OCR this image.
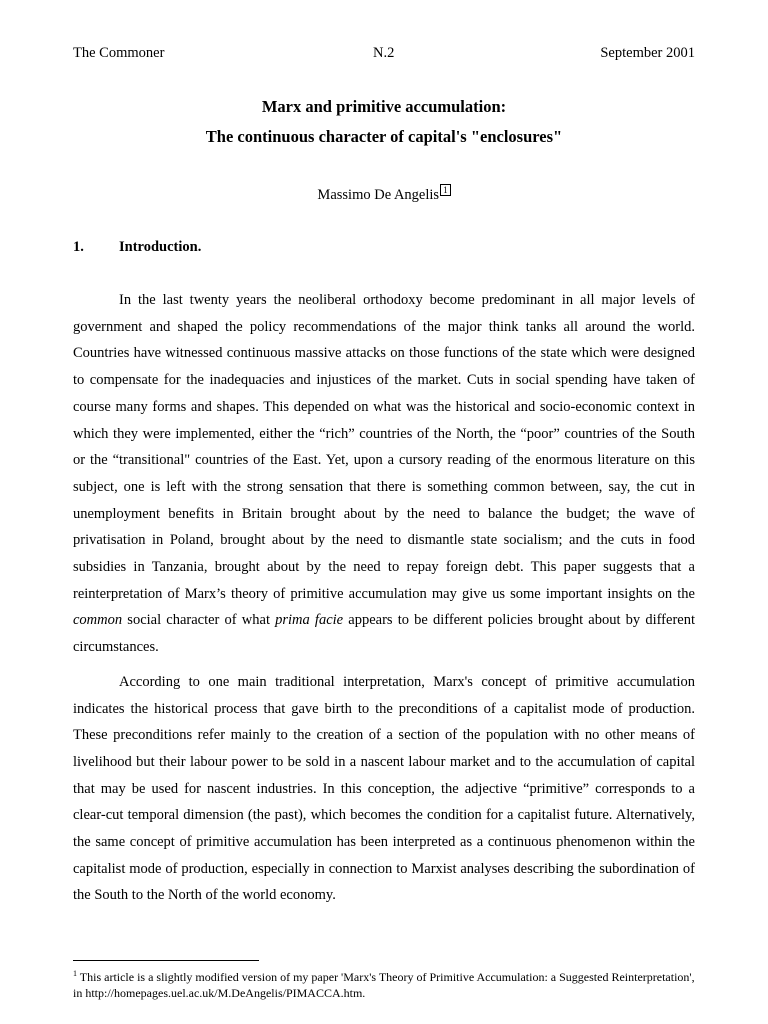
The Commoner	N.2	September 2001
Marx and primitive accumulation:
The continuous character of capital's "enclosures"
Massimo De Angelis 1
1. Introduction.

In the last twenty years the neoliberal orthodoxy become predominant in all major levels of government and shaped the policy recommendations of the major think tanks all around the world. Countries have witnessed continuous massive attacks on those functions of the state which were designed to compensate for the inadequacies and injustices of the market. Cuts in social spending have taken of course many forms and shapes. This depended on what was the historical and socio-economic context in which they were implemented, either the “rich” countries of the North, the “poor” countries of the South or the “transitional" countries of the East. Yet, upon a cursory reading of the enormous literature on this subject, one is left with the strong sensation that there is something common between, say, the cut in unemployment benefits in Britain brought about by the need to balance the budget; the wave of privatisation in Poland, brought about by the need to dismantle state socialism; and the cuts in food subsidies in Tanzania, brought about by the need to repay foreign debt. This paper suggests that a reinterpretation of Marx’s theory of primitive accumulation may give us some important insights on the common social character of what prima facie appears to be different policies brought about by different circumstances.

According to one main traditional interpretation, Marx's concept of primitive accumulation indicates the historical process that gave birth to the preconditions of a capitalist mode of production. These preconditions refer mainly to the creation of a section of the population with no other means of livelihood but their labour power to be sold in a nascent labour market and to the accumulation of capital that may be used for nascent industries. In this conception, the adjective “primitive” corresponds to a clear-cut temporal dimension (the past), which becomes the condition for a capitalist future. Alternatively, the same concept of primitive accumulation has been interpreted as a continuous phenomenon within the capitalist mode of production, especially in connection to Marxist analyses describing the subordination of the South to the North of the world economy.

$^1$ This article is a slightly modified version of my paper 'Marx's Theory of Primitive Accumulation: a Suggested Reinterpretation', in http://homepages.uel.ac.uk/M.DeAngelis/PIMACCA.htm.
